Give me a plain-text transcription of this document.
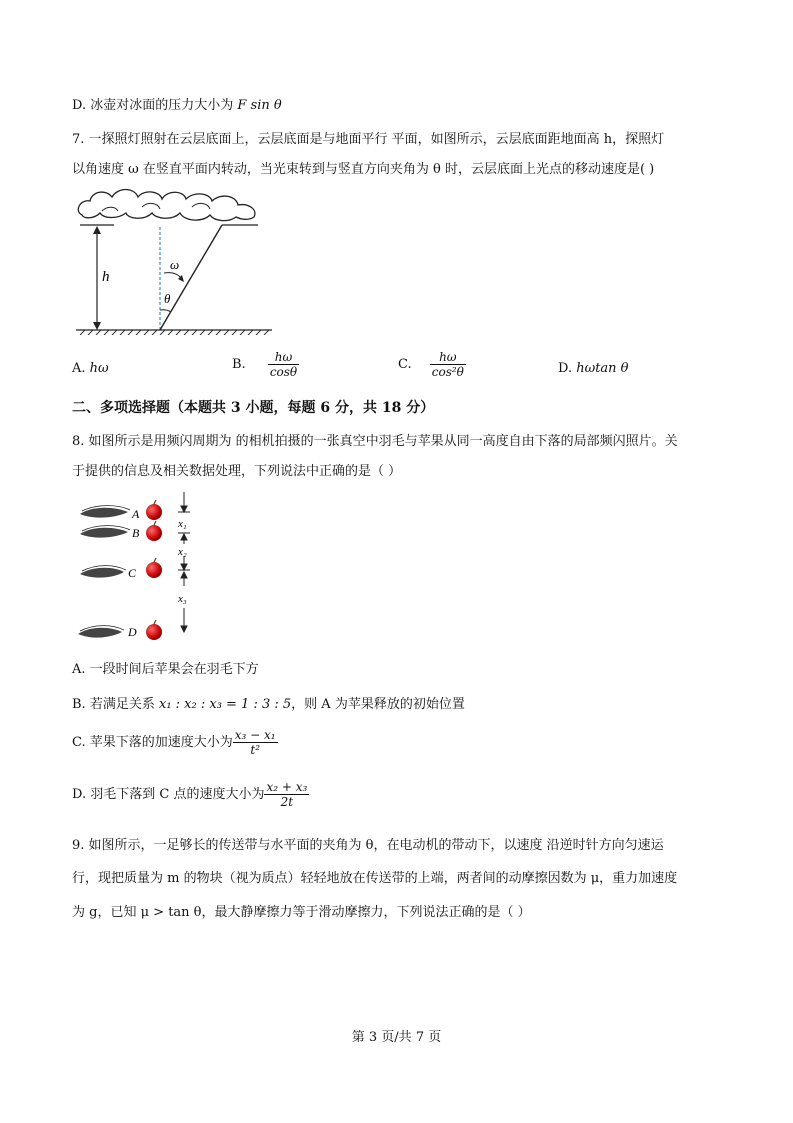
D. 冰壶对冰面的压力大小为 F sin θ
7. 一探照灯照射在云层底面上，云层底面是与地面平行 平面，如图所示，云层底面距地面高 h，探照灯
以角速度 ω 在竖直平面内转动，当光束转到与竖直方向夹角为 θ 时，云层底面上光点的移动速度是( )
h
ω
θ
A. hω	B. $\frac{h\omega}{\cos\theta}$	C. $\frac{h\omega}{\text{cos²θ}}$	D. hωtan θ
二、多项选择题（本题共 3 小题，每题 6 分，共 18 分）
8. 如图所示是用频闪周期为 的相机拍摄的一张真空中羽毛与苹果从同一高度自由下落的局部频闪照片。关
于提供的信息及相关数据处理，下列说法中正确的是（ ）
A
B
C
D
x₁
x₂
x₃
A. 一段时间后苹果会在羽毛下方
B. 若满足关系 x₁ : x₂ : x₃ = 1 : 3 : 5，则 A 为苹果释放的初始位置
C. 苹果下落的加速度大小为 $\frac{\text{x₃ − x₁}}{\text{t²}}$
D. 羽毛下落到 C 点的速度大小为 $\frac{\text{x₂ + x₃}}{2t}$
9. 如图所示，一足够长的传送带与水平面的夹角为 θ，在电动机的带动下，以速度 沿逆时针方向匀速运
行，现把质量为 m 的物块（视为质点）轻轻地放在传送带的上端，两者间的动摩擦因数为 μ，重力加速度
为 g，已知 μ > tan θ，最大静摩擦力等于滑动摩擦力，下列说法正确的是（ ）
第 3 页/共 7 页
